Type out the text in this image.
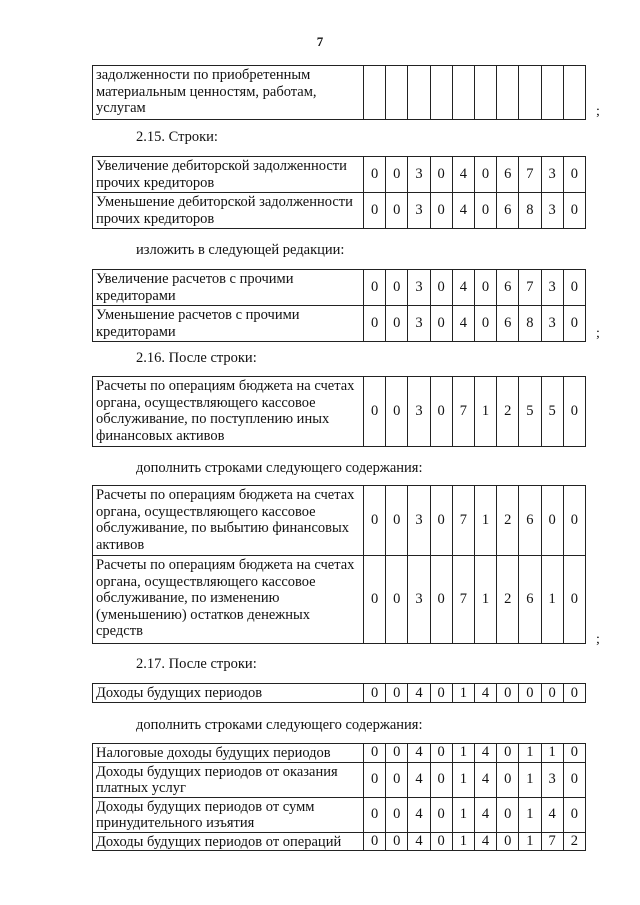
7
задолженности по приобретенным материальным ценностям, работам, услугам											;
2.15. Строки:
Увеличение дебиторской задолженности прочих кредиторов	0	0	3	0	4	0	6	7	3	0
Уменьшение дебиторской задолженности прочих кредиторов	0	0	3	0	4	0	6	8	3	0
изложить в следующей редакции:
Увеличение расчетов с прочими кредиторами	0	0	3	0	4	0	6	7	3	0
Уменьшение расчетов с прочими кредиторами	0	0	3	0	4	0	6	8	3	0
;
2.16. После строки:
Расчеты по операциям бюджета на счетах органа, осуществляющего кассовое обслуживание, по поступлению иных финансовых активов	0	0	3	0	7	1	2	5	5	0
дополнить строками следующего содержания:
Расчеты по операциям бюджета на счетах органа, осуществляющего кассовое обслуживание, по выбытию финансовых активов	0	0	3	0	7	1	2	6	0	0
Расчеты по операциям бюджета на счетах органа, осуществляющего кассовое обслуживание, по изменению (уменьшению) остатков денежных средств	0	0	3	0	7	1	2	6	1	0
;
2.17. После строки:
Доходы будущих периодов	0	0	4	0	1	4	0	0	0	0
дополнить строками следующего содержания:
Налоговые доходы будущих периодов	0	0	4	0	1	4	0	1	1	0
Доходы будущих периодов от оказания платных услуг	0	0	4	0	1	4	0	1	3	0
Доходы будущих периодов от сумм принудительного изъятия	0	0	4	0	1	4	0	1	4	0
Доходы будущих периодов от операций	0	0	4	0	1	4	0	1	7	2
